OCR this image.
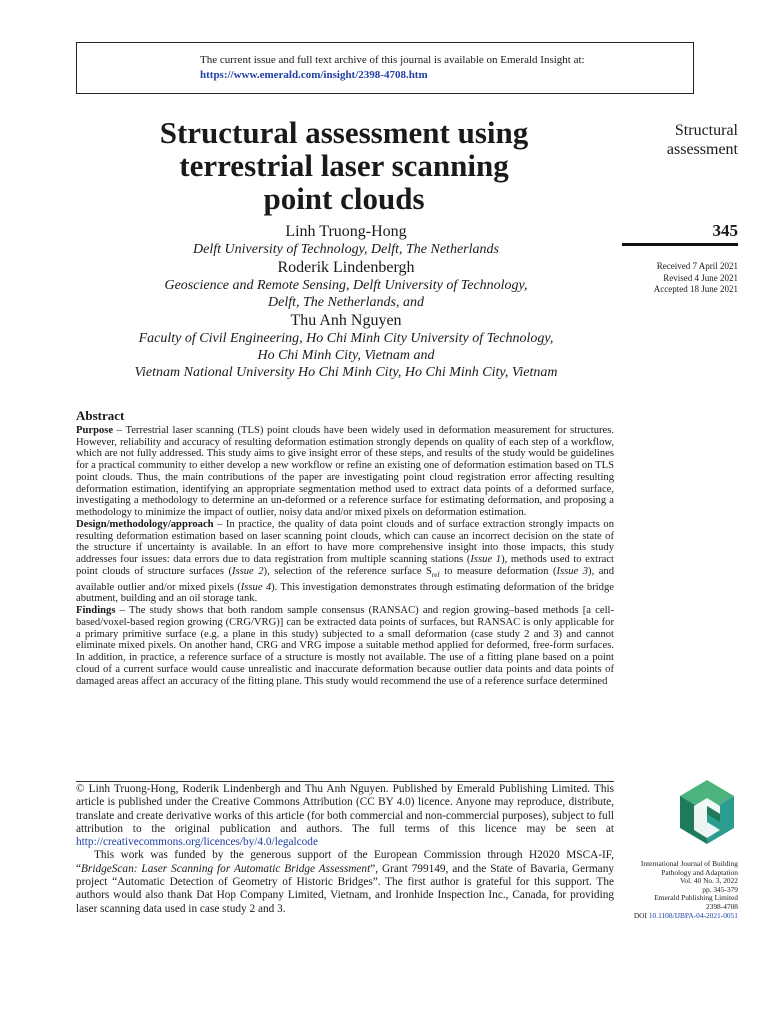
The current issue and full text archive of this journal is available on Emerald Insight at:
https://www.emerald.com/insight/2398-4708.htm
Structural assessment using
terrestrial laser scanning
point clouds
Structural
assessment
345
Received 7 April 2021
Revised 4 June 2021
Accepted 18 June 2021
Linh Truong-Hong
Delft University of Technology, Delft, The Netherlands
Roderik Lindenbergh
Geoscience and Remote Sensing, Delft University of Technology,
Delft, The Netherlands, and
Thu Anh Nguyen
Faculty of Civil Engineering, Ho Chi Minh City University of Technology,
Ho Chi Minh City, Vietnam and
Vietnam National University Ho Chi Minh City, Ho Chi Minh City, Vietnam
Abstract

Purpose – Terrestrial laser scanning (TLS) point clouds have been widely used in deformation measurement for structures. However, reliability and accuracy of resulting deformation estimation strongly depends on quality of each step of a workflow, which are not fully addressed. This study aims to give insight error of these steps, and results of the study would be guidelines for a practical community to either develop a new workflow or refine an existing one of deformation estimation based on TLS point clouds. Thus, the main contributions of the paper are investigating point cloud registration error affecting resulting deformation estimation, identifying an appropriate segmentation method used to extract data points of a deformed surface, investigating a methodology to determine an un-deformed or a reference surface for estimating deformation, and proposing a methodology to minimize the impact of outlier, noisy data and/or mixed pixels on deformation estimation.

Design/methodology/approach – In practice, the quality of data point clouds and of surface extraction strongly impacts on resulting deformation estimation based on laser scanning point clouds, which can cause an incorrect decision on the state of the structure if uncertainty is available. In an effort to have more comprehensive insight into those impacts, this study addresses four issues: data errors due to data registration from multiple scanning stations (Issue 1), methods used to extract point clouds of structure surfaces (Issue 2), selection of the reference surface $S_{ref}$ to measure deformation (Issue 3), and available outlier and/or mixed pixels (Issue 4). This investigation demonstrates through estimating deformation of the bridge abutment, building and an oil storage tank.

Findings – The study shows that both random sample consensus (RANSAC) and region growing–based methods [a cell-based/voxel-based region growing (CRG/VRG)] can be extracted data points of surfaces, but RANSAC is only applicable for a primary primitive surface (e.g. a plane in this study) subjected to a small deformation (case study 2 and 3) and cannot eliminate mixed pixels. On another hand, CRG and VRG impose a suitable method applied for deformed, free-form surfaces. In addition, in practice, a reference surface of a structure is mostly not available. The use of a fitting plane based on a point cloud of a current surface would cause unrealistic and inaccurate deformation because outlier data points and data points of damaged areas affect an accuracy of the fitting plane. This study would recommend the use of a reference surface determined

© Linh Truong-Hong, Roderik Lindenbergh and Thu Anh Nguyen. Published by Emerald Publishing Limited. This article is published under the Creative Commons Attribution (CC BY 4.0) licence. Anyone may reproduce, distribute, translate and create derivative works of this article (for both commercial and non-commercial purposes), subject to full attribution to the original publication and authors. The full terms of this licence may be seen at http://creativecommons.org/licences/by/4.0/legalcode

This work was funded by the generous support of the European Commission through H2020 MSCA-IF, “BridgeScan: Laser Scanning for Automatic Bridge Assessment”, Grant 799149, and the State of Bavaria, Germany project “Automatic Detection of Geometry of Historic Bridges”. The first author is grateful for this support. The authors would also thank Dat Hop Company Limited, Vietnam, and Ironhide Inspection Inc., Canada, for providing laser scanning data used in case study 2 and 3.

International Journal of Building
Pathology and Adaptation
Vol. 40 No. 3, 2022
pp. 345-379
Emerald Publishing Limited
2398-4708
DOI 10.1108/IJBPA-04-2021-0051
